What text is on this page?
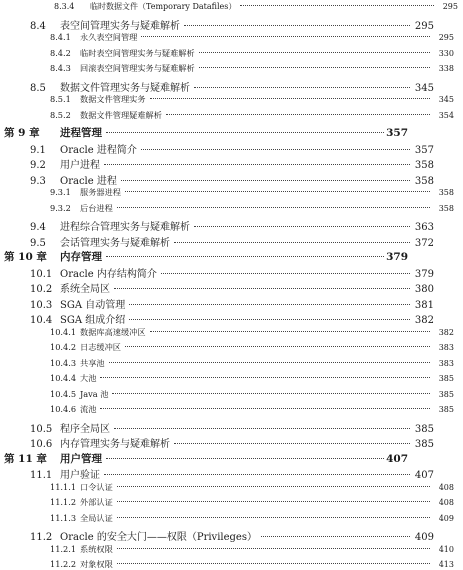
8.3.4	临时数据文件（Temporary Datafiles）	295
8.4	表空间管理实务与疑难解析	295
8.4.1	永久表空间管理	295
8.4.2	临时表空间管理实务与疑难解析	330
8.4.3	回滚表空间管理实务与疑难解析	338
8.5	数据文件管理实务与疑难解析	345
8.5.1	数据文件管理实务	345
8.5.2	数据文件管理疑难解析	354
第 9 章	进程管理	357
9.1	Oracle 进程简介	357
9.2	用户进程	358
9.3	Oracle 进程	358
9.3.1	服务器进程	358
9.3.2	后台进程	358
9.4	进程综合管理实务与疑难解析	363
9.5	会话管理实务与疑难解析	372
第 10 章	内存管理	379
10.1 Oracle 内存结构简介	379
10.2 系统全局区	380
10.3 SGA 自动管理	381
10.4 SGA 组成介绍	382
10.4.1 数据库高速缓冲区	382
10.4.2 日志缓冲区	383
10.4.3 共享池	383
10.4.4 大池	385
10.4.5 Java 池	385
10.4.6 流池	385
10.5 程序全局区	385
10.6 内存管理实务与疑难解析	385
第 11 章	用户管理	407
11.1 用户验证	407
11.1.1 口令认证	408
11.1.2 外部认证	408
11.1.3 全局认证	409
11.2 Oracle 的安全大门——权限（Privileges）	409
11.2.1 系统权限	410
11.2.2 对象权限	413
